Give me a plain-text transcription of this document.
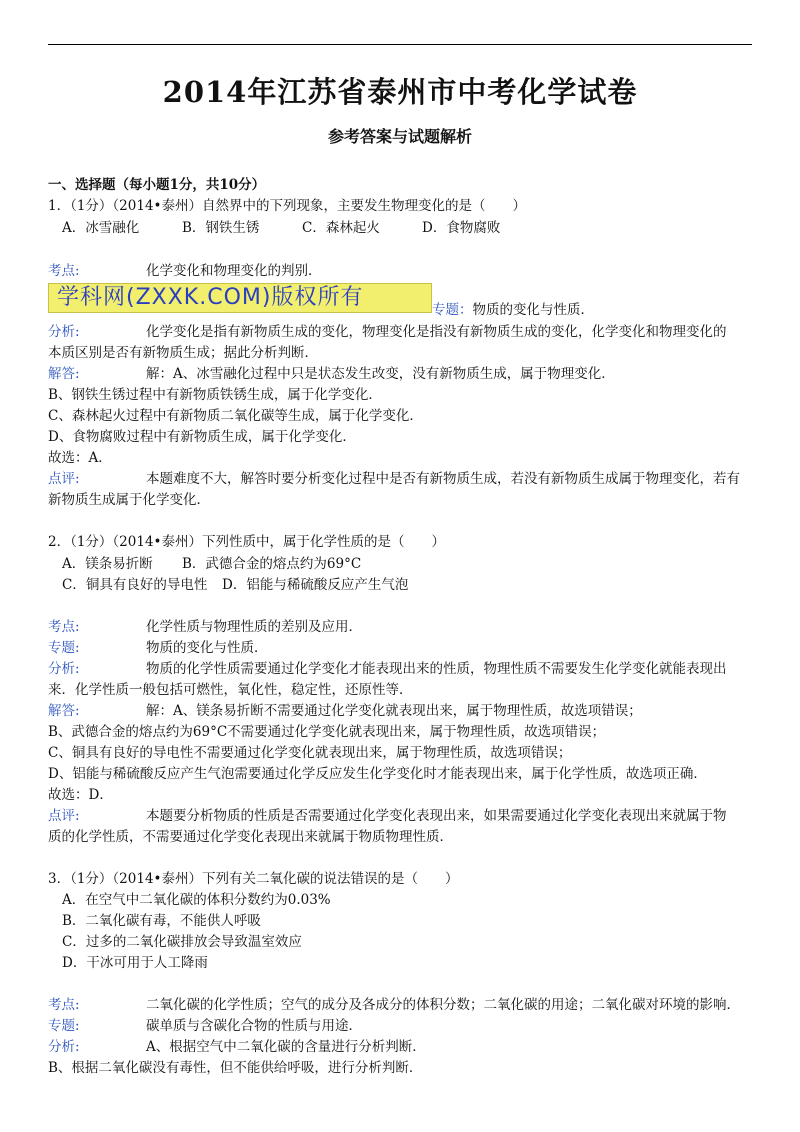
2014年江苏省泰州市中考化学试卷
参考答案与试题解析
一、选择题（每小题1分，共10分）
1．（1分）（2014•泰州）自然界中的下列现象，主要发生物理变化的是（　　）
A．冰雪融化	B．钢铁生锈	C．森林起火	D．食物腐败
考点:	化学变化和物理变化的判别．
学科网(ZXXK.COM)版权所有	专题：物质的变化与性质．
分析:	化学变化是指有新物质生成的变化，物理变化是指没有新物质生成的变化，化学变化和物理变化的
本质区别是否有新物质生成；据此分析判断．
解答:	解：A、冰雪融化过程中只是状态发生改变，没有新物质生成，属于物理变化．
B、钢铁生锈过程中有新物质铁锈生成，属于化学变化．
C、森林起火过程中有新物质二氧化碳等生成，属于化学变化．
D、食物腐败过程中有新物质生成，属于化学变化．
故选：A．
点评:	本题难度不大，解答时要分析变化过程中是否有新物质生成，若没有新物质生成属于物理变化，若有
新物质生成属于化学变化．
2．（1分）（2014•泰州）下列性质中，属于化学性质的是（　　）
A．镁条易折断 B．武德合金的熔点约为69°C
C．铜具有良好的导电性 D．铝能与稀硫酸反应产生气泡
考点:	化学性质与物理性质的差别及应用．
专题:	物质的变化与性质．
分析:	物质的化学性质需要通过化学变化才能表现出来的性质，物理性质不需要发生化学变化就能表现出
来．化学性质一般包括可燃性，氧化性，稳定性，还原性等．
解答:	解：A、镁条易折断不需要通过化学变化就表现出来，属于物理性质，故选项错误；
B、武德合金的熔点约为69°C不需要通过化学变化就表现出来，属于物理性质，故选项错误；
C、铜具有良好的导电性不需要通过化学变化就表现出来，属于物理性质，故选项错误；
D、铝能与稀硫酸反应产生气泡需要通过化学反应发生化学变化时才能表现出来，属于化学性质，故选项正确．
故选：D．
点评:	本题要分析物质的性质是否需要通过化学变化表现出来，如果需要通过化学变化表现出来就属于物
质的化学性质，不需要通过化学变化表现出来就属于物质物理性质．
3．（1分）（2014•泰州）下列有关二氧化碳的说法错误的是（　　）
A．在空气中二氧化碳的体积分数约为0.03%
B．二氧化碳有毒，不能供人呼吸
C．过多的二氧化碳排放会导致温室效应
D．干冰可用于人工降雨
考点:	二氧化碳的化学性质；空气的成分及各成分的体积分数；二氧化碳的用途；二氧化碳对环境的影响．
专题:	碳单质与含碳化合物的性质与用途．
分析:	A、根据空气中二氧化碳的含量进行分析判断．
B、根据二氧化碳没有毒性，但不能供给呼吸，进行分析判断．
